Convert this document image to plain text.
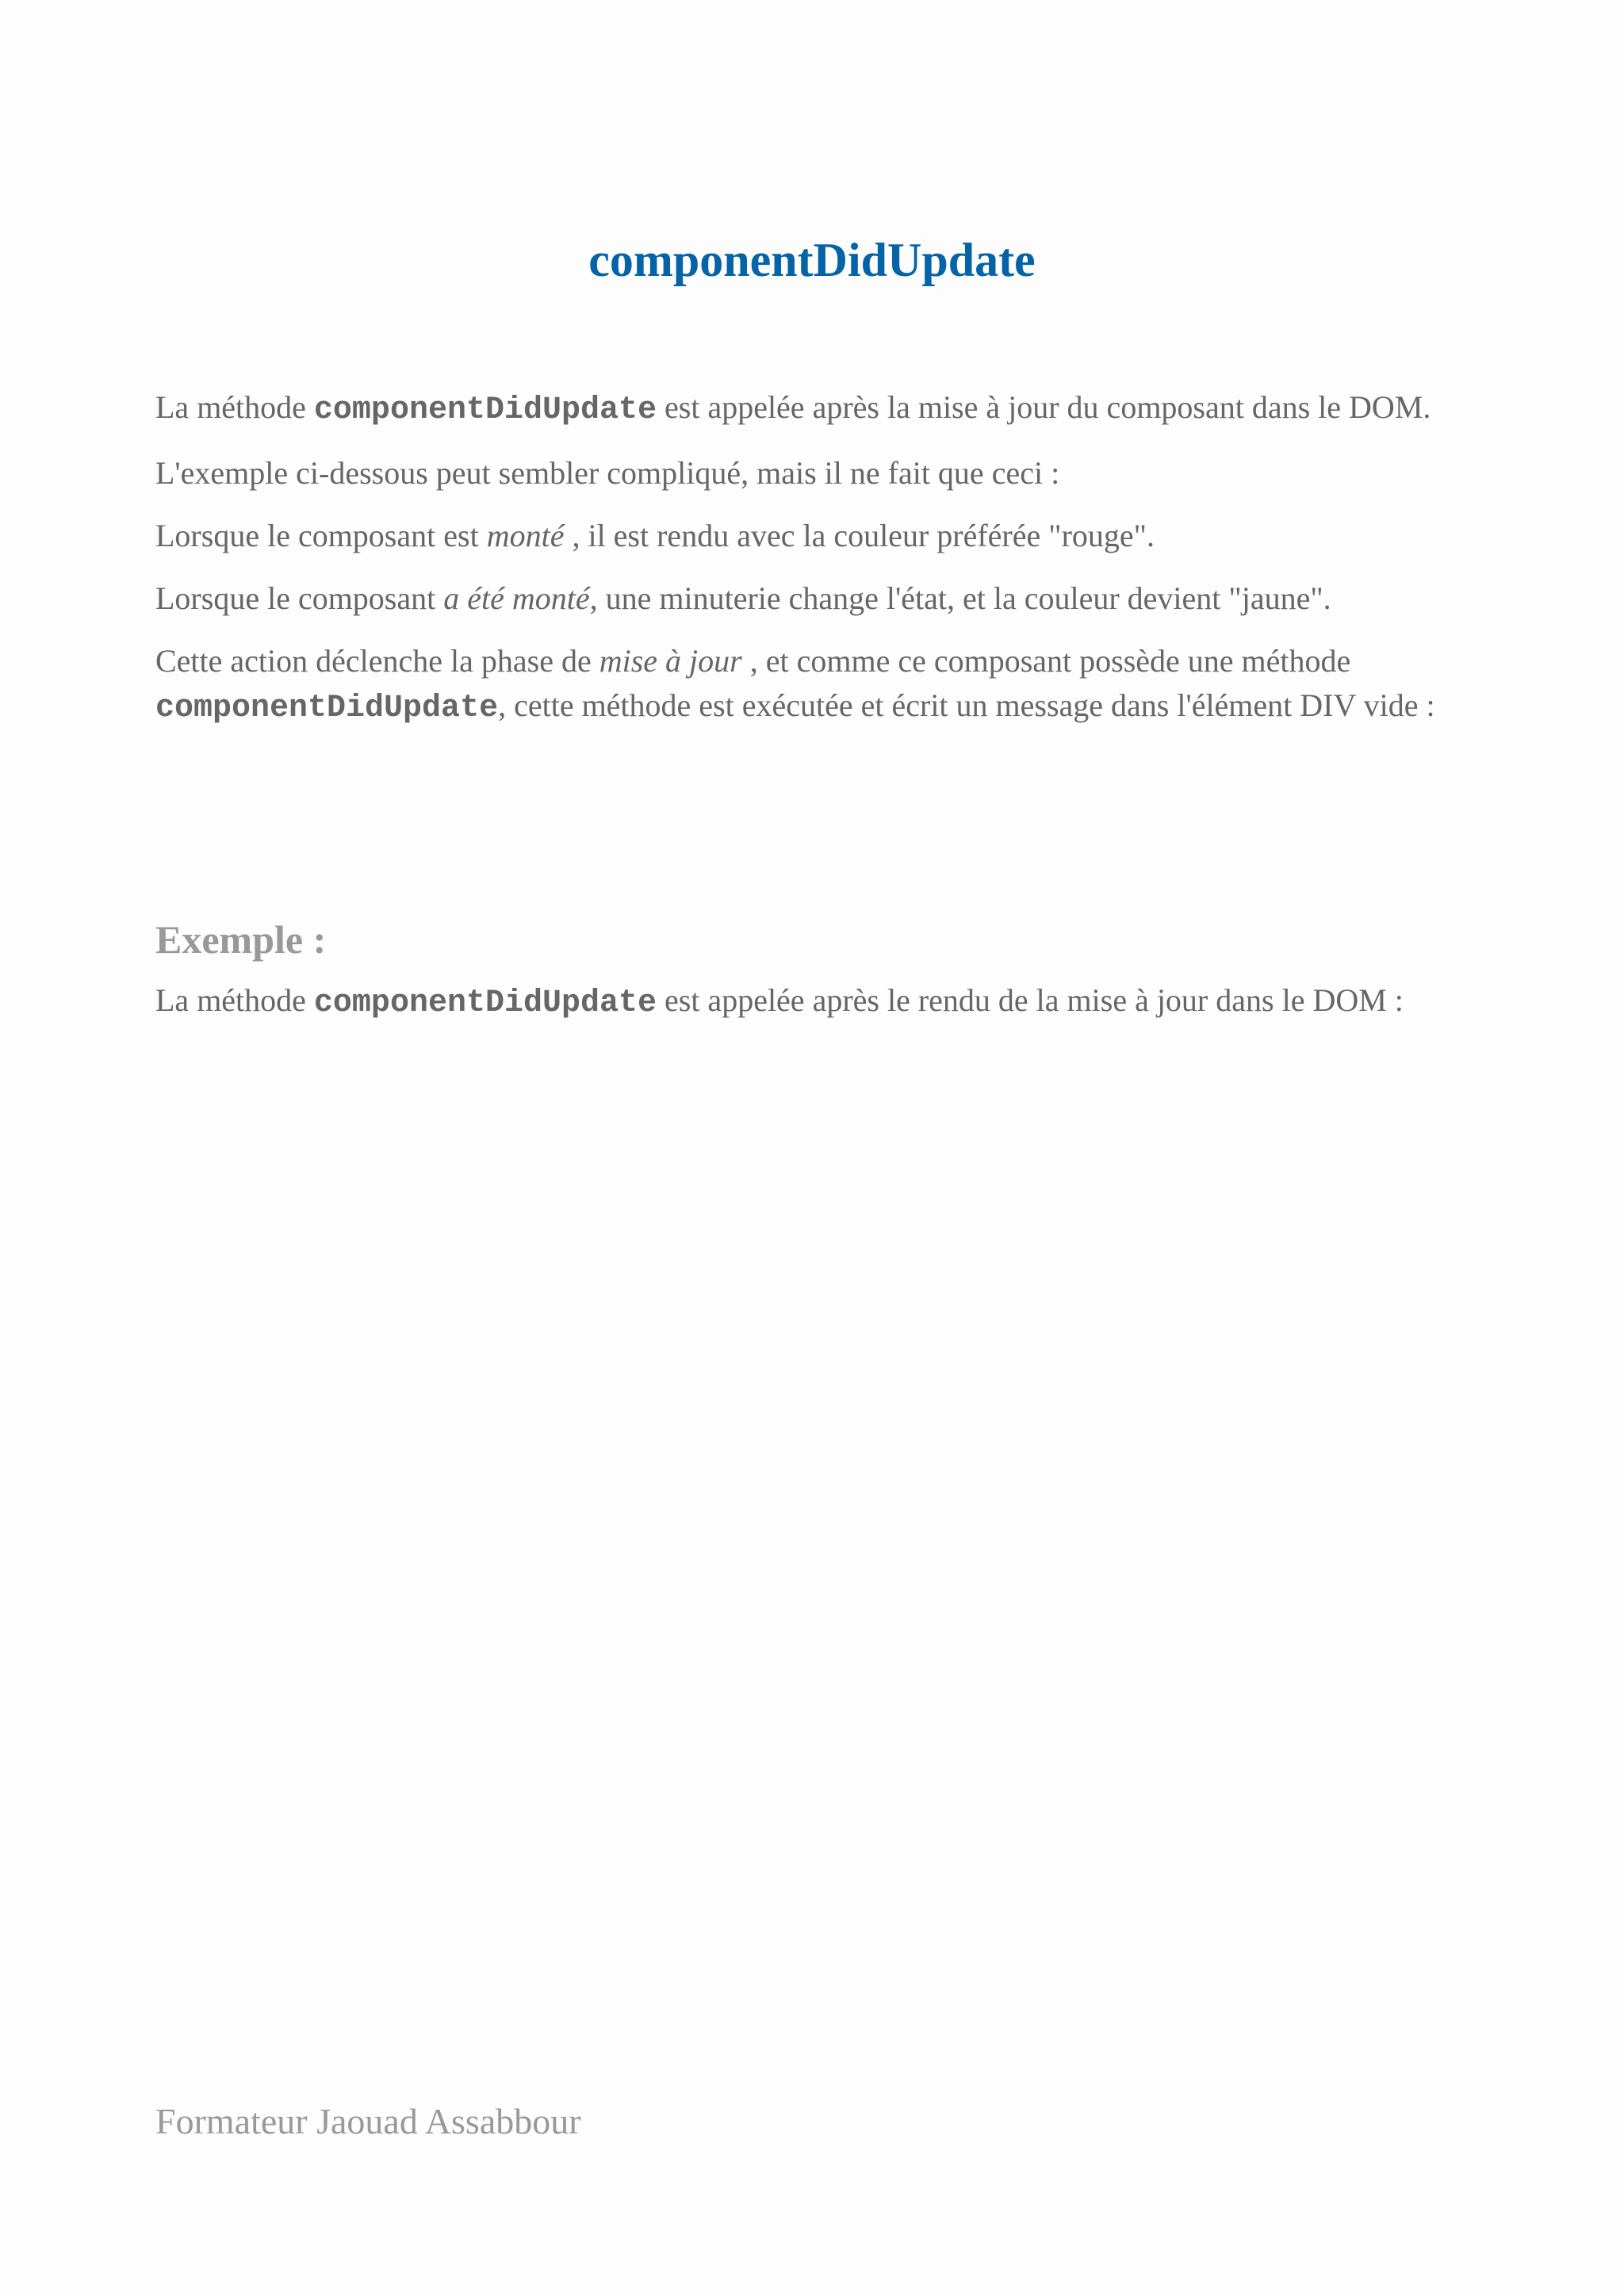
componentDidUpdate

La méthode componentDidUpdate est appelée après la mise à jour du composant dans le DOM.

L'exemple ci-dessous peut sembler compliqué, mais il ne fait que ceci :

Lorsque le composant est monté , il est rendu avec la couleur préférée "rouge".

Lorsque le composant a été monté, une minuterie change l'état, et la couleur devient "jaune".

Cette action déclenche la phase de mise à jour , et comme ce composant possède une méthode componentDidUpdate, cette méthode est exécutée et écrit un message dans l'élément DIV vide :

Exemple :

La méthode componentDidUpdate est appelée après le rendu de la mise à jour dans le DOM :

Formateur Jaouad Assabbour
